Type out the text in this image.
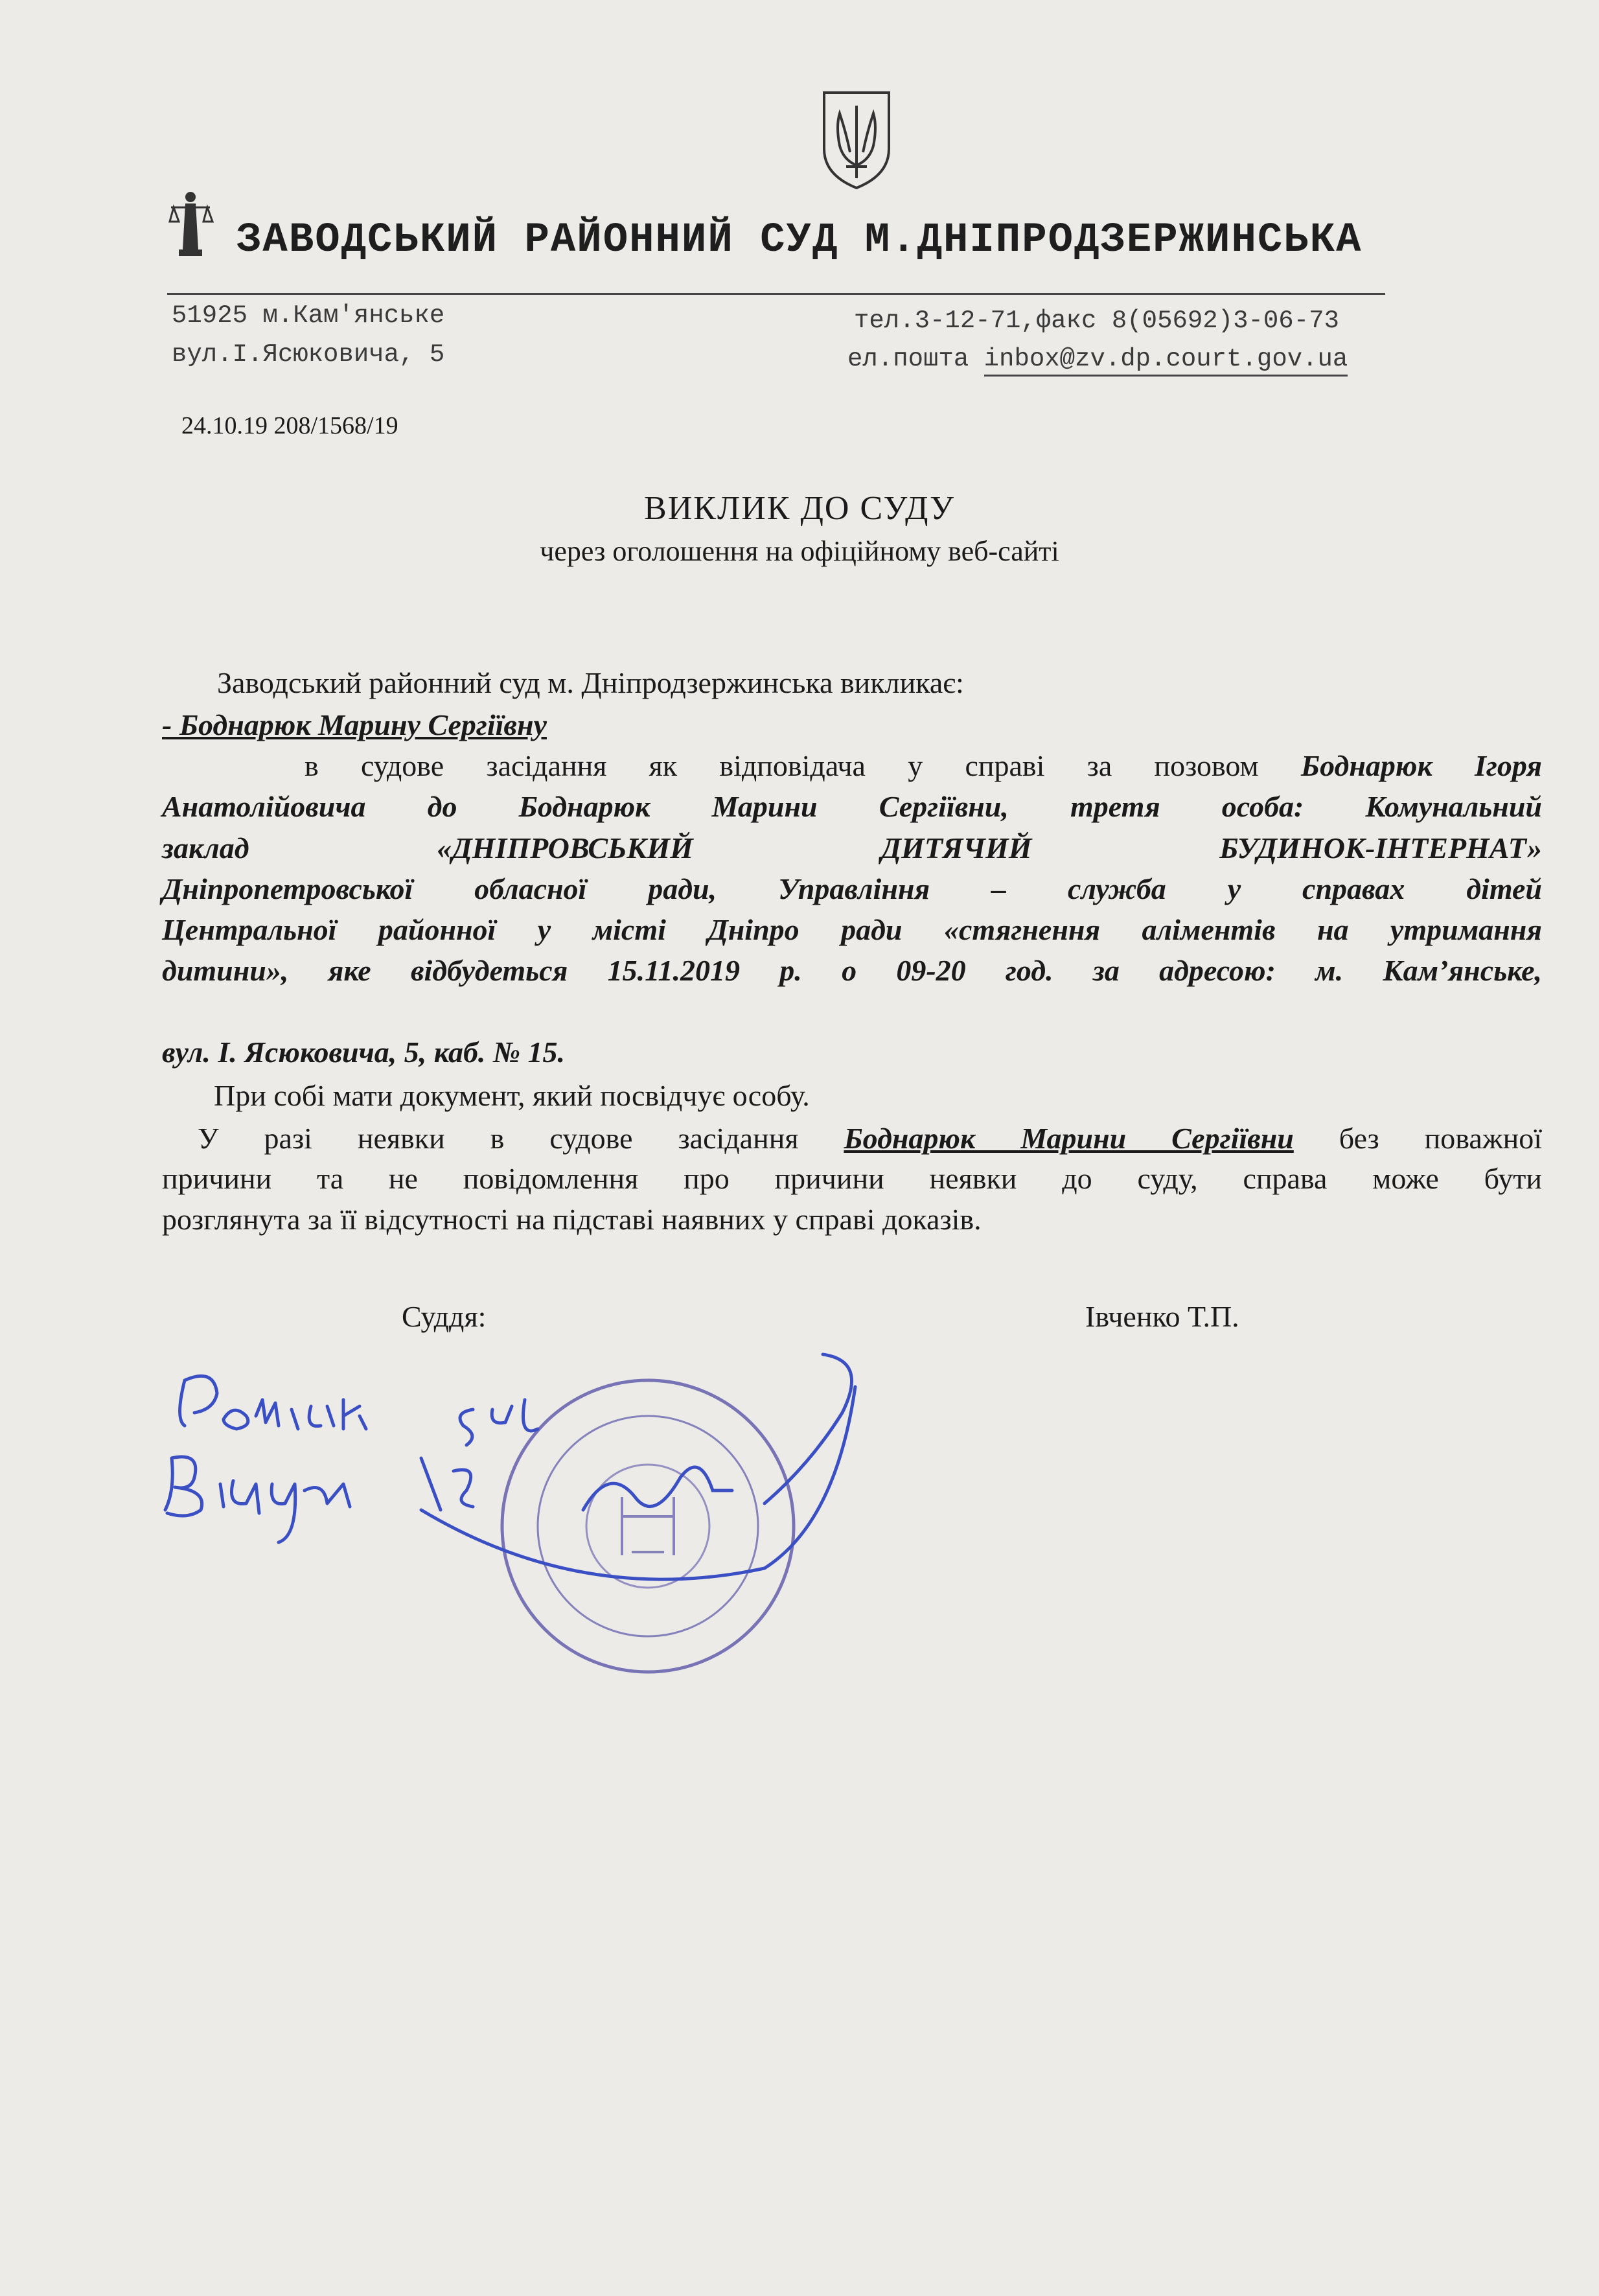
ЗАВОДСЬКИЙ РАЙОННИЙ СУД М.ДНІПРОДЗЕРЖИНСЬКА
51925 м.Кам'янське
вул.І.Ясюковича, 5
тел.3-12-71,факс 8(05692)3-06-73
ел.пошта inbox@zv.dp.court.gov.ua
24.10.19 208/1568/19
ВИКЛИК ДО СУДУ
через оголошення на офіційному веб-сайті
Заводський районний суд м. Дніпродзержинська викликає:
- Боднарюк Марину Сергіївну
в судове засідання як відповідача у справі за позовом Боднарюк Ігоря
Анатолійовича до Боднарюк Марини Сергіївни, третя особа: Комунальний
заклад	«ДНІПРОВСЬКИЙ	ДИТЯЧИЙ	БУДИНОК-ІНТЕРНАТ»
Дніпропетровської обласної ради, Управління – служба у справах дітей
Центральної районної у місті Дніпро ради «стягнення аліментів на утримання
дитини», яке відбудеться 15.11.2019 р. о 09-20 год. за адресою: м. Кам’янське,
вул. І. Ясюковича, 5, каб. № 15.
При собі мати документ, який посвідчує особу.
У разі неявки в судове засідання Боднарюк Марини Сергіївни без поважної
причини та не повідомлення про причини неявки до суду, справа може бути
розглянута за її відсутності на підставі наявних у справі доказів.
Суддя:	Івченко Т.П.
